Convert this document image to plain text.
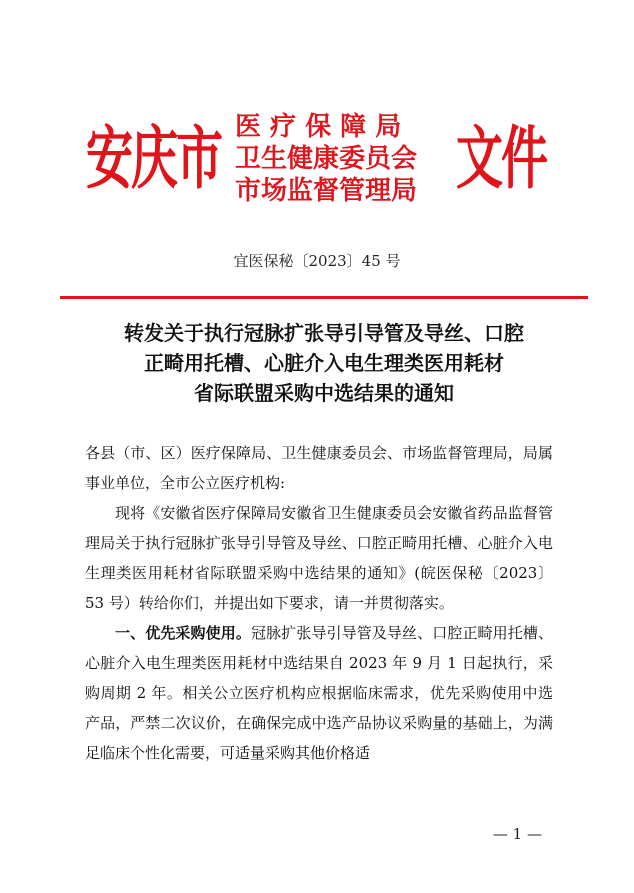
安庆市 医 疗 保 障 局
卫生健康委员会
市场监督管理局 文件
宜医保秘〔2023〕45 号
转发关于执行冠脉扩张导引导管及导丝、口腔
正畸用托槽、心脏介入电生理类医用耗材
省际联盟采购中选结果的通知

各县（市、区）医疗保障局、卫生健康委员会、市场监督管理局，局属事业单位，全市公立医疗机构:

现将《安徽省医疗保障局安徽省卫生健康委员会安徽省药品监督管理局关于执行冠脉扩张导引导管及导丝、口腔正畸用托槽、心脏介入电生理类医用耗材省际联盟采购中选结果的通知》(皖医保秘〔2023〕53 号）转给你们，并提出如下要求，请一并贯彻落实。

一、优先采购使用。冠脉扩张导引导管及导丝、口腔正畸用托槽、心脏介入电生理类医用耗材中选结果自 2023 年 9 月 1 日起执行，采购周期 2 年。相关公立医疗机构应根据临床需求，优先采购使用中选产品，严禁二次议价，在确保完成中选产品协议采购量的基础上，为满足临床个性化需要，可适量采购其他价格适

— 1 —
